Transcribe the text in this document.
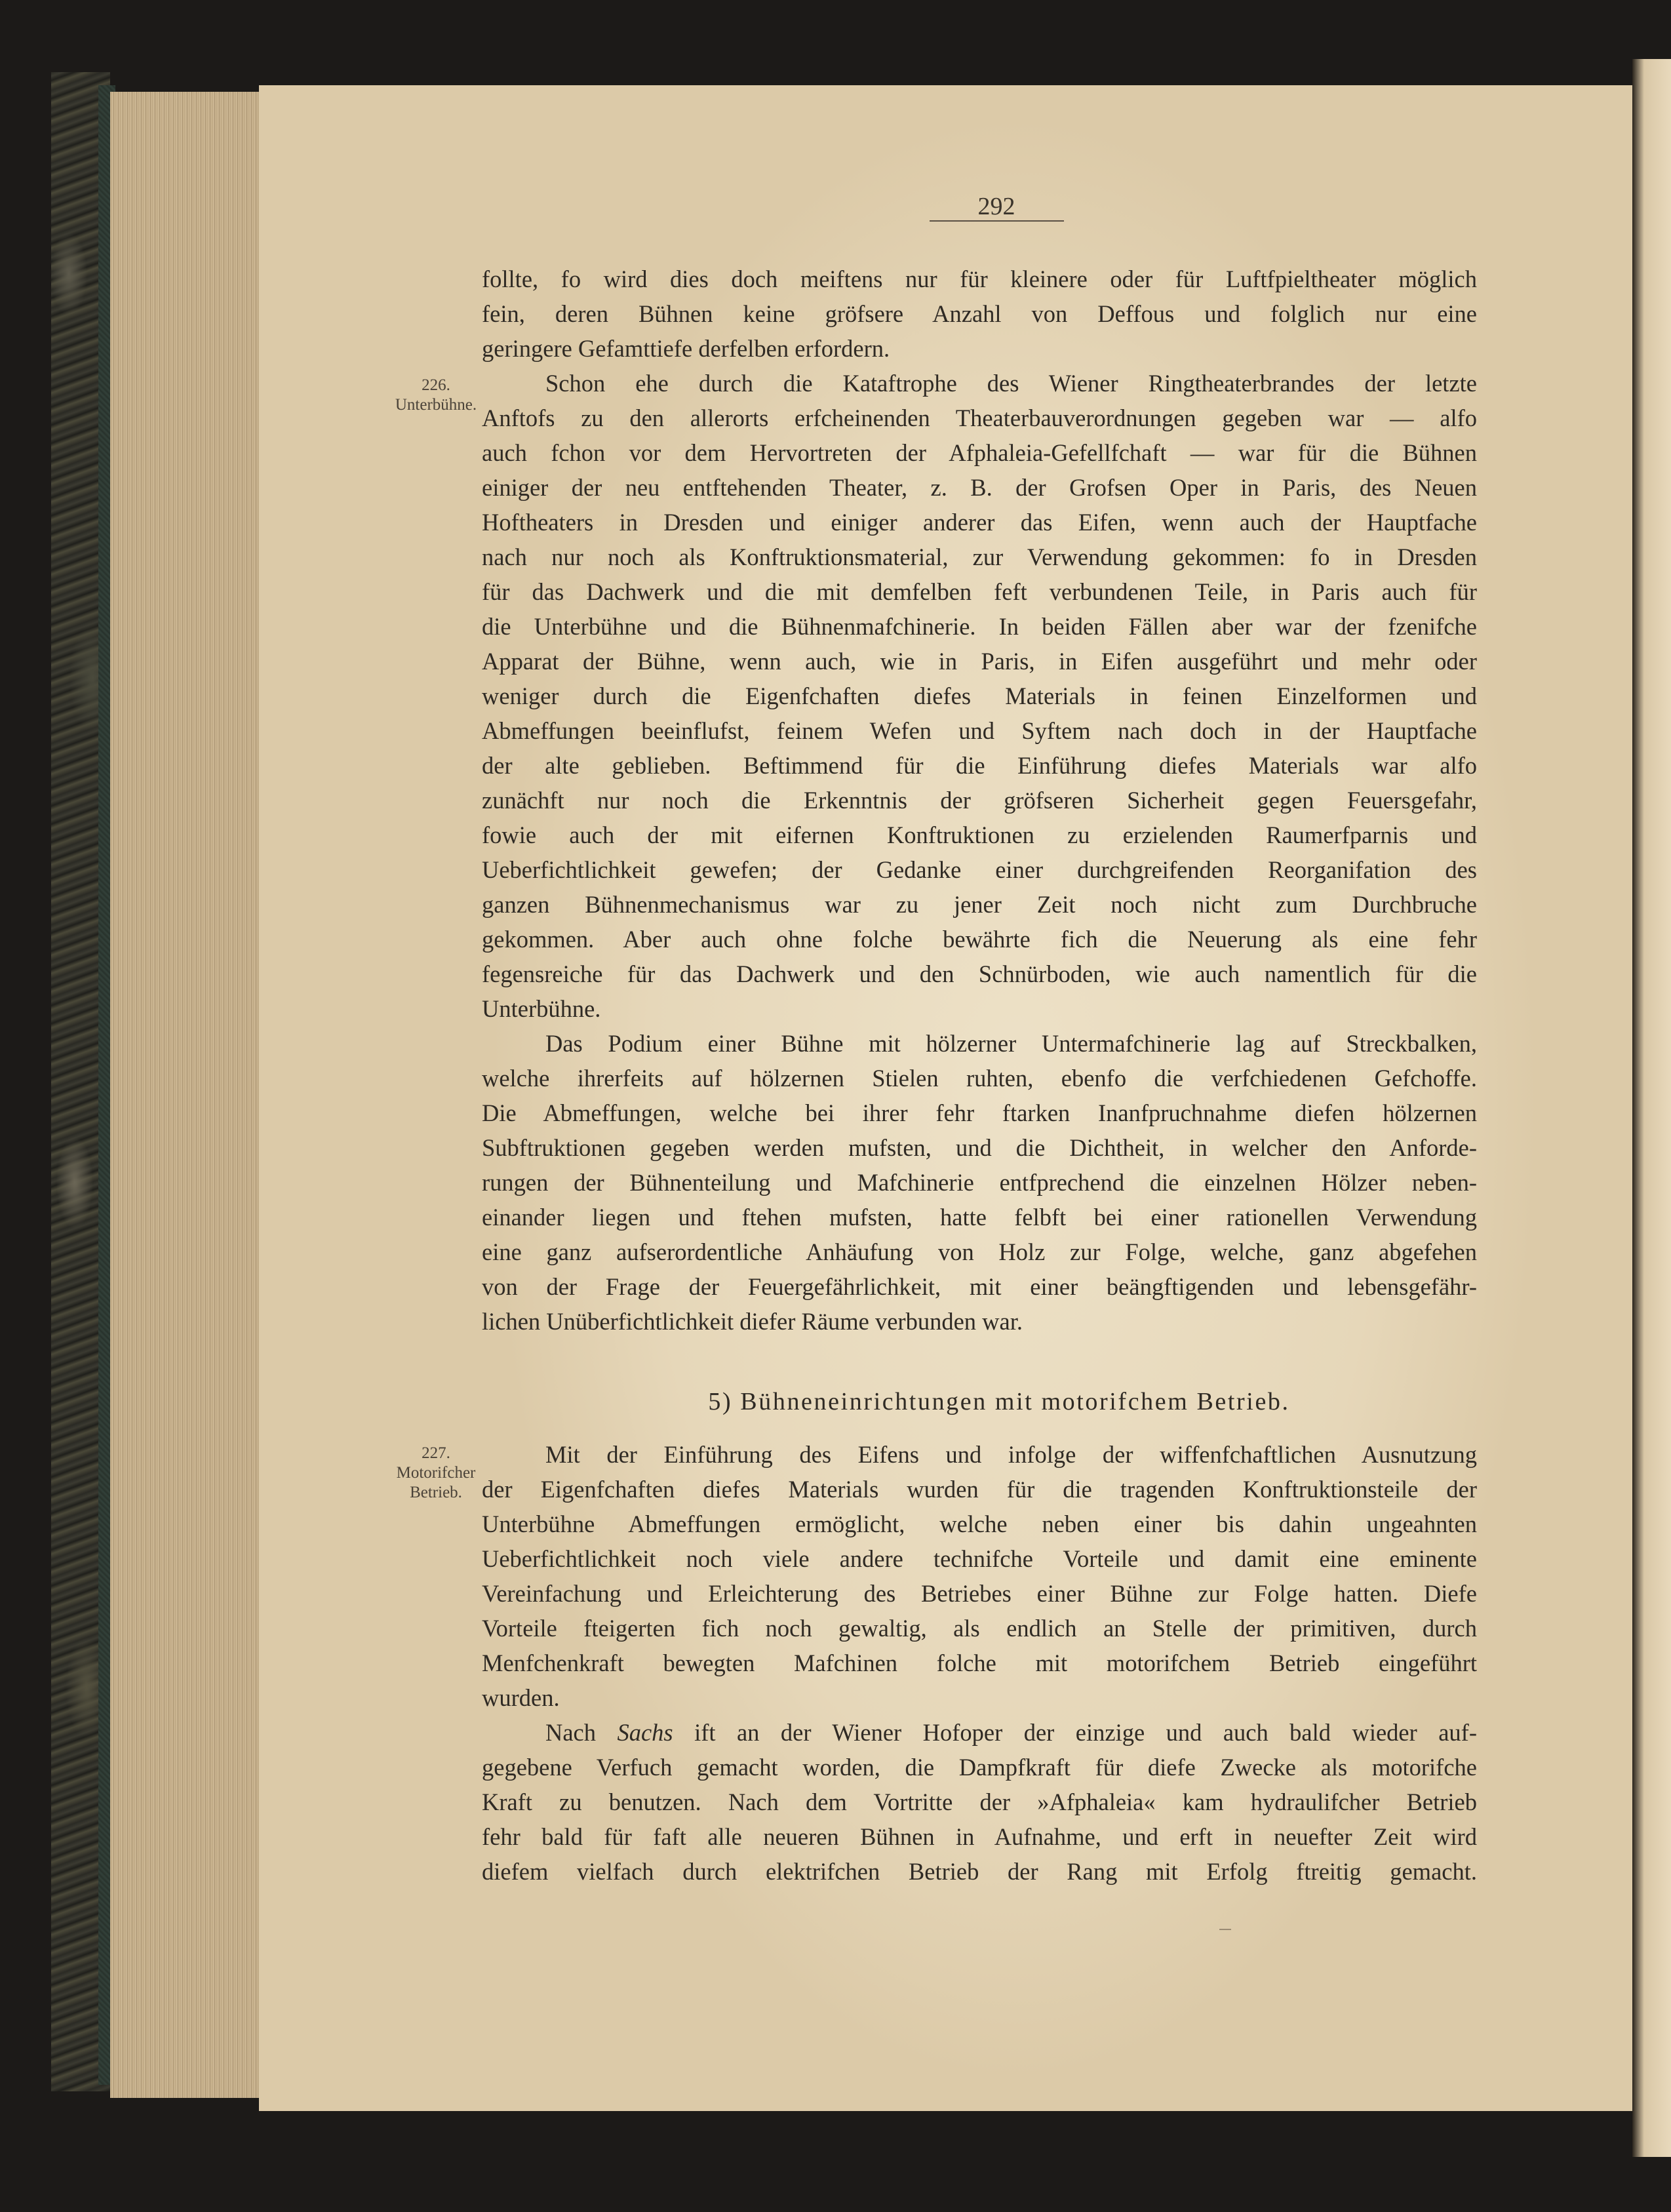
292
226.
Unterbühne.
227.
Motorifcher
Betrieb.
follte, fo wird dies doch meiftens nur für kleinere oder für Luftfpieltheater möglich
fein, deren Bühnen keine gröfsere Anzahl von Deffous und folglich nur eine
geringere Gefamttiefe derfelben erfordern.
Schon ehe durch die Kataftrophe des Wiener Ringtheaterbrandes der letzte
Anftofs zu den allerorts erfcheinenden Theaterbauverordnungen gegeben war — alfo
auch fchon vor dem Hervortreten der Afphaleia-Gefellfchaft — war für die Bühnen
einiger der neu entftehenden Theater, z. B. der Grofsen Oper in Paris, des Neuen
Hoftheaters in Dresden und einiger anderer das Eifen, wenn auch der Hauptfache
nach nur noch als Konftruktionsmaterial, zur Verwendung gekommen: fo in Dresden
für das Dachwerk und die mit demfelben feft verbundenen Teile, in Paris auch für
die Unterbühne und die Bühnenmafchinerie. In beiden Fällen aber war der fzenifche
Apparat der Bühne, wenn auch, wie in Paris, in Eifen ausgeführt und mehr oder
weniger durch die Eigenfchaften diefes Materials in feinen Einzelformen und
Abmeffungen beeinflufst, feinem Wefen und Syftem nach doch in der Hauptfache
der alte geblieben. Beftimmend für die Einführung diefes Materials war alfo
zunächft nur noch die Erkenntnis der gröfseren Sicherheit gegen Feuersgefahr,
fowie auch der mit eifernen Konftruktionen zu erzielenden Raumerfparnis und
Ueberfichtlichkeit gewefen; der Gedanke einer durchgreifenden Reorganifation des
ganzen Bühnenmechanismus war zu jener Zeit noch nicht zum Durchbruche
gekommen. Aber auch ohne folche bewährte fich die Neuerung als eine fehr
fegensreiche für das Dachwerk und den Schnürboden, wie auch namentlich für die
Unterbühne.
Das Podium einer Bühne mit hölzerner Untermafchinerie lag auf Streckbalken,
welche ihrerfeits auf hölzernen Stielen ruhten, ebenfo die verfchiedenen Gefchoffe.
Die Abmeffungen, welche bei ihrer fehr ftarken Inanfpruchnahme diefen hölzernen
Subftruktionen gegeben werden mufsten, und die Dichtheit, in welcher den Anforde-
rungen der Bühnenteilung und Mafchinerie entfprechend die einzelnen Hölzer neben-
einander liegen und ftehen mufsten, hatte felbft bei einer rationellen Verwendung
eine ganz aufserordentliche Anhäufung von Holz zur Folge, welche, ganz abgefehen
von der Frage der Feuergefährlichkeit, mit einer beängftigenden und lebensgefähr-
lichen Unüberfichtlichkeit diefer Räume verbunden war.
5) Bühneneinrichtungen mit motorifchem Betrieb.
Mit der Einführung des Eifens und infolge der wiffenfchaftlichen Ausnutzung
der Eigenfchaften diefes Materials wurden für die tragenden Konftruktionsteile der
Unterbühne Abmeffungen ermöglicht, welche neben einer bis dahin ungeahnten
Ueberfichtlichkeit noch viele andere technifche Vorteile und damit eine eminente
Vereinfachung und Erleichterung des Betriebes einer Bühne zur Folge hatten. Diefe
Vorteile fteigerten fich noch gewaltig, als endlich an Stelle der primitiven, durch
Menfchenkraft bewegten Mafchinen folche mit motorifchem Betrieb eingeführt
wurden.
Nach Sachs ift an der Wiener Hofoper der einzige und auch bald wieder auf-
gegebene Verfuch gemacht worden, die Dampfkraft für diefe Zwecke als motorifche
Kraft zu benutzen. Nach dem Vortritte der »Afphaleia« kam hydraulifcher Betrieb
fehr bald für faft alle neueren Bühnen in Aufnahme, und erft in neuefter Zeit wird
diefem vielfach durch elektrifchen Betrieb der Rang mit Erfolg ftreitig gemacht.
